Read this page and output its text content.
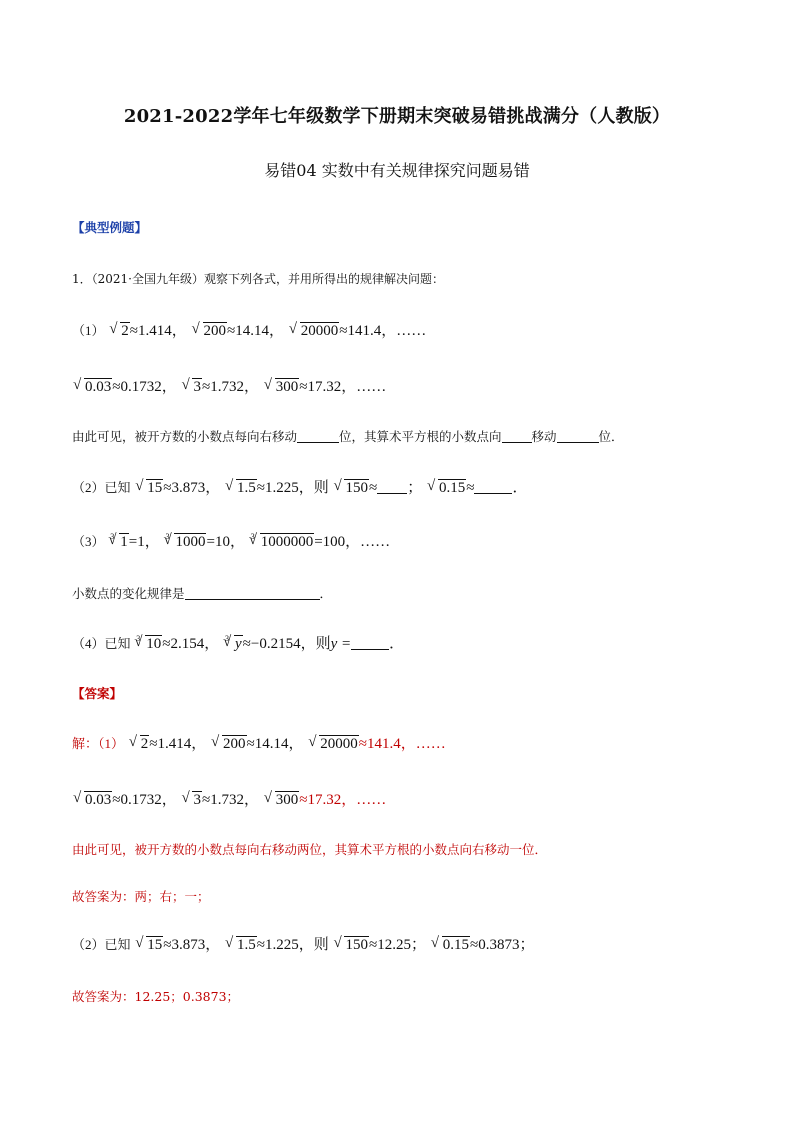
2021-2022学年七年级数学下册期末突破易错挑战满分（人教版）
易错04 实数中有关规律探究问题易错
【典型例题】
1．（2021·全国九年级）观察下列各式，并用所得出的规律解决问题：
（1） √ 2≈1.414， √ 200≈14.14， √ 20000≈141.4，……
√ 0.03≈0.1732， √ 3≈1.732， √ 300≈17.32，……
由此可见，被开方数的小数点每向右移动	位，其算术平方根的小数点向 移动	位．
（2）已知 √ 15≈3.873， √ 1.5≈1.225，则 √ 150≈ ； √ 0.15≈	．
（3） $^3$ √ 1=1， $^3$ √ 1000=10， $^3$ √ 1000000=100，……
小数点的变化规律是	．
（4）已知 $^3$ √ 10≈2.154， $^3$ √ y≈−0.2154，则y =	．
【答案】
解：（1） √ 2≈1.414， √ 200≈14.14， √ 20000≈141.4，……
√ 0.03≈0.1732， √ 3≈1.732， √ 300≈17.32，……
由此可见，被开方数的小数点每向右移动两位，其算术平方根的小数点向右移动一位．
故答案为：两；右；一；
（2）已知 √ 15≈3.873， √ 1.5≈1.225，则 √ 150≈12.25； √ 0.15≈0.3873；
故答案为：12.25；0.3873；
